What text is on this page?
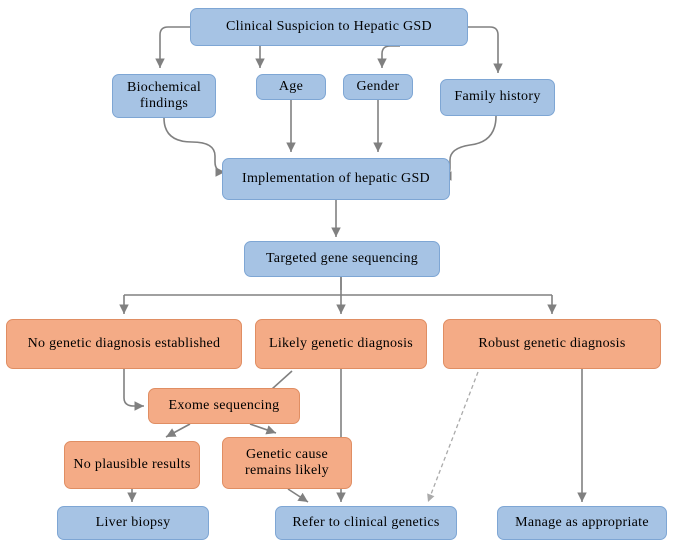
Clinical Suspicion to Hepatic GSD
Biochemical findings
Age	Gender
Family history
Implementation of hepatic GSD
Targeted gene sequencing
No genetic diagnosis established	Likely genetic diagnosis	Robust genetic diagnosis
Exome sequencing
No plausible results
Genetic cause remains likely
Liver biopsy	Refer to clinical genetics	Manage as appropriate
